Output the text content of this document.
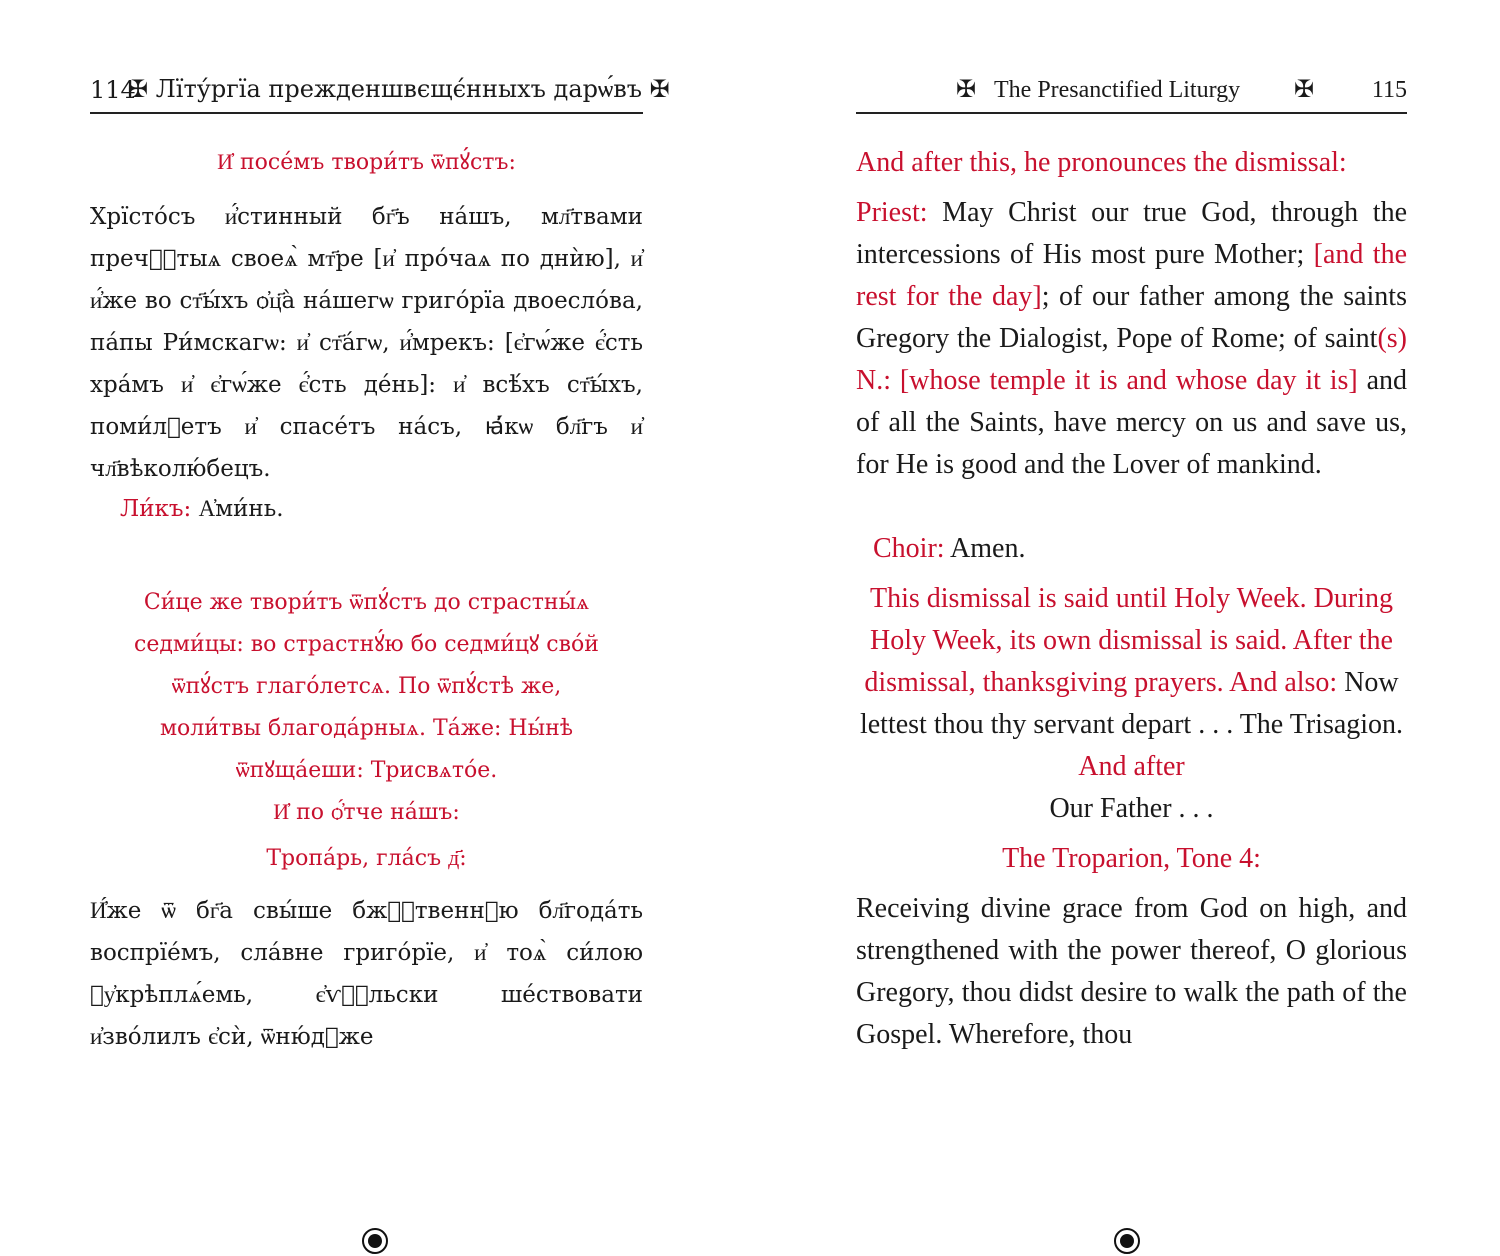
114
✠ Лїту́ргїа прежденшвєщє́нныхъ дарѡ́въ ✠
И҆ посе́мъ твори́тъ ѿпꙋ́стъ:
Хрїсто́съ и҆́стинный бг҃ъ на́шъ, мл҃твами пречⷭ҇тыѧ своеѧ̀ мт҃ре [и҆ про́чаѧ по днѝю], и҆ и҆́же во ст҃ы́хъ ѻ҆ц҃а̀ на́шегѡ григо́рїа двоесло́ва, па́пы Ри́мскагѡ: и҆ ст҃а́гѡ, и҆́мрекъ: [є҆гѡ́же є҆́сть хра́мъ и҆ є҆гѡ́же є҆́сть де́нь]: и҆ всѣ́хъ ст҃ы́хъ, поми́лꙋетъ и҆ спасе́тъ на́съ, ꙗ҆́кѡ бл҃гъ и҆ чл҃вѣколю́бецъ.
Ли́къ: А҆ми́нь.
Си́це же твори́тъ ѿпꙋ́стъ до страстны́ѧ
седми́цы: во страстнꙋ́ю бо седми́цꙋ сво́й
ѿпꙋ́стъ глаго́летсѧ. По ѿпꙋ́стѣ же,
моли́твы благода́рныѧ. Та́же: Ны́нѣ
ѿпꙋща́еши: Трисвѧто́е.
И҆ по ѻ҆́тче на́шъ:
Тропа́рь, гла́съ д҃:
И҆́же ѿ бг҃а свы́ше бжⷭ҇твеннꙋю бл҃года́ть воспрїе́мъ, сла́вне григо́рїе, и҆ тоѧ̀ си́лою ᲂу҆крѣплѧ́емь, є҆ѵⷢ҇льски ше́ствовати и҆зво́лилъ є҆сѝ, ѿню́дꙋже
✠ The Presanctified Liturgy ✠ 115
And after this, he pronounces the dismissal:
Priest: May Christ our true God, through the intercessions of His most pure Mother; [and the rest for the day]; of our father among the saints Gregory the Dialogist, Pope of Rome; of saint(s) N.: [whose temple it is and whose day it is] and of all the Saints, have mercy on us and save us, for He is good and the Lover of mankind.
Choir: Amen.
This dismissal is said until Holy Week. During Holy Week, its own dismissal is said. After the dismissal, thanksgiving prayers. And also: Now lettest thou thy servant depart . . . The Trisagion. And after
Our Father . . .
The Troparion, Tone 4:
Receiving divine grace from God on high, and strengthened with the power thereof, O glorious Gregory, thou didst desire to walk the path of the Gospel. Wherefore, thou
